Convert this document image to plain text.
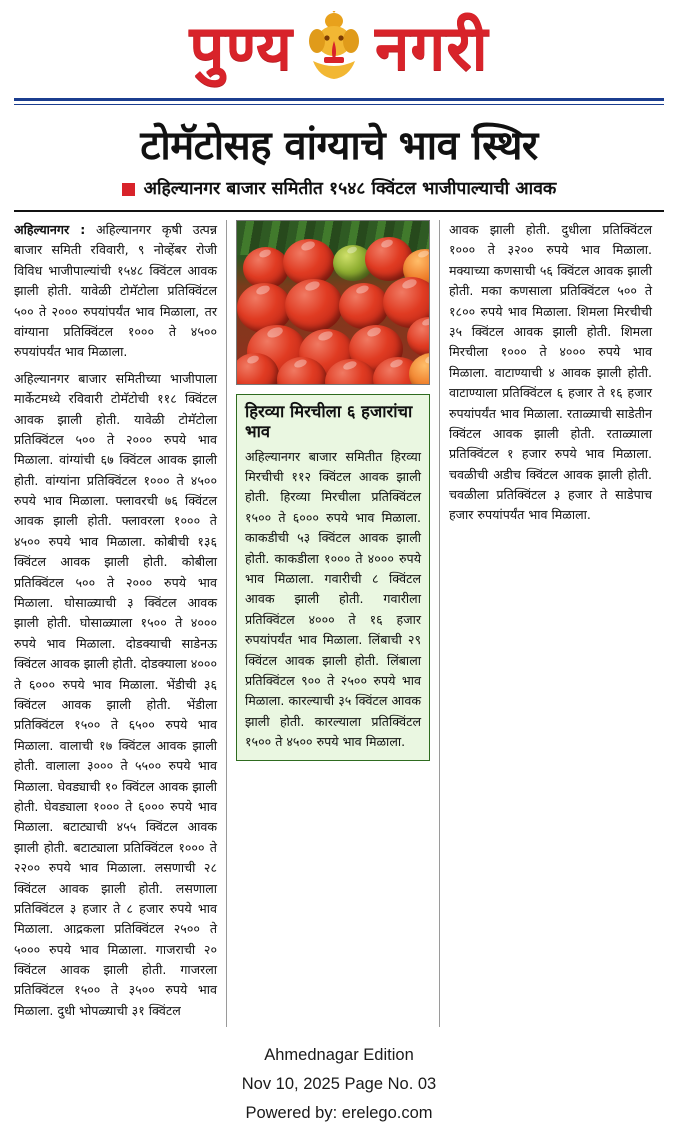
पुण्य नगरी
टोमॅटोसह वांग्याचे भाव स्थिर
अहिल्यानगर बाजार समितीत १५४८ क्विंटल भाजीपाल्याची आवक

अहिल्यानगर : अहिल्यानगर कृषी उत्पन्न बाजार समिती रविवारी, ९ नोव्हेंबर रोजी विविध भाजीपाल्यांची १५४८ क्विंटल आवक झाली होती. यावेळी टोमॅटोला प्रतिक्विंटल ५०० ते २००० रुपयांपर्यंत भाव मिळाला, तर वांग्याना प्रतिक्विंटल १००० ते ४५०० रुपयांपर्यंत भाव मिळाला.

अहिल्यानगर बाजार समितीच्या भाजीपाला मार्केटमध्ये रविवारी टोमॅटोची ११८ क्विंटल आवक झाली होती. यावेळी टोमॅटोला प्रतिक्विंटल ५०० ते २००० रुपये भाव मिळाला. वांग्यांची ६७ क्विंटल आवक झाली होती. वांग्यांना प्रतिक्विंटल १००० ते ४५०० रुपये भाव मिळाला. फ्लावरची ७६ क्विंटल आवक झाली होती. फ्लावरला १००० ते ४५०० रुपये भाव मिळाला. कोबीची १३६ क्विंटल आवक झाली होती. कोबीला प्रतिक्विंटल ५०० ते २००० रुपये भाव मिळाला. घोसाळ्याची ३ क्विंटल आवक झाली होती. घोसाळ्याला १५०० ते ४००० रुपये भाव मिळाला. दोडक्याची साडेनऊ क्विंटल आवक झाली होती. दोडक्याला ४००० ते ६००० रुपये भाव मिळाला. भेंडीची ३६ क्विंटल आवक झाली होती. भेंडीला प्रतिक्विंटल १५०० ते ६५०० रुपये भाव मिळाला. वालाची १७ क्विंटल आवक झाली होती. वालाला ३००० ते ५५०० रुपये भाव मिळाला. घेवड्याची १० क्विंटल आवक झाली होती. घेवड्याला १००० ते ६००० रुपये भाव मिळाला. बटाट्याची ४५५ क्विंटल आवक झाली होती. बटाट्याला प्रतिक्विंटल १००० ते २२०० रुपये भाव मिळाला. लसणाची २८ क्विंटल आवक झाली होती. लसणाला प्रतिक्विंटल ३ हजार ते ८ हजार रुपये भाव मिळाला. आद्रकला प्रतिक्विंटल २५०० ते ५००० रुपये भाव मिळाला. गाजराची २० क्विंटल आवक झाली होती. गाजरला प्रतिक्विंटल १५०० ते ३५०० रुपये भाव मिळाला. दुधी भोपळ्याची ३१ क्विंटल

हिरव्या मिरचीला ६ हजारांचा भाव

अहिल्यानगर बाजार समितीत हिरव्या मिरचीची ११२ क्विंटल आवक झाली होती. हिरव्या मिरचीला प्रतिक्विंटल १५०० ते ६००० रुपये भाव मिळाला. काकडीची ५३ क्विंटल आवक झाली होती. काकडीला १००० ते ४००० रुपये भाव मिळाला. गवारीची ८ क्विंटल आवक झाली होती. गवारीला प्रतिक्विंटल ४००० ते १६ हजार रुपयांपर्यंत भाव मिळाला. लिंबाची २९ क्विंटल आवक झाली होती. लिंबाला प्रतिक्विंटल ९०० ते २५०० रुपये भाव मिळाला. कारल्याची ३५ क्विंटल आवक झाली होती. कारल्याला प्रतिक्विंटल १५०० ते ४५०० रुपये भाव मिळाला.

आवक झाली होती. दुधीला प्रतिक्विंटल १००० ते ३२०० रुपये भाव मिळाला. मक्याच्या कणसाची ५६ क्विंटल आवक झाली होती. मका कणसाला प्रतिक्विंटल ५०० ते १८०० रुपये भाव मिळाला. शिमला मिरचीची ३५ क्विंटल आवक झाली होती. शिमला मिरचीला १००० ते ४००० रुपये भाव मिळाला. वाटाण्याची ४ आवक झाली होती. वाटाण्याला प्रतिक्विंटल ६ हजार ते १६ हजार रुपयांपर्यंत भाव मिळाला. रताळ्याची साडेतीन क्विंटल आवक झाली होती. रताळ्याला प्रतिक्विंटल १ हजार रुपये भाव मिळाला. चवळीची अडीच क्विंटल आवक झाली होती. चवळीला प्रतिक्विंटल ३ हजार ते साडेपाच हजार रुपयांपर्यंत भाव मिळाला.

Ahmednagar Edition
Nov 10, 2025 Page No. 03
Powered by: erelego.com
